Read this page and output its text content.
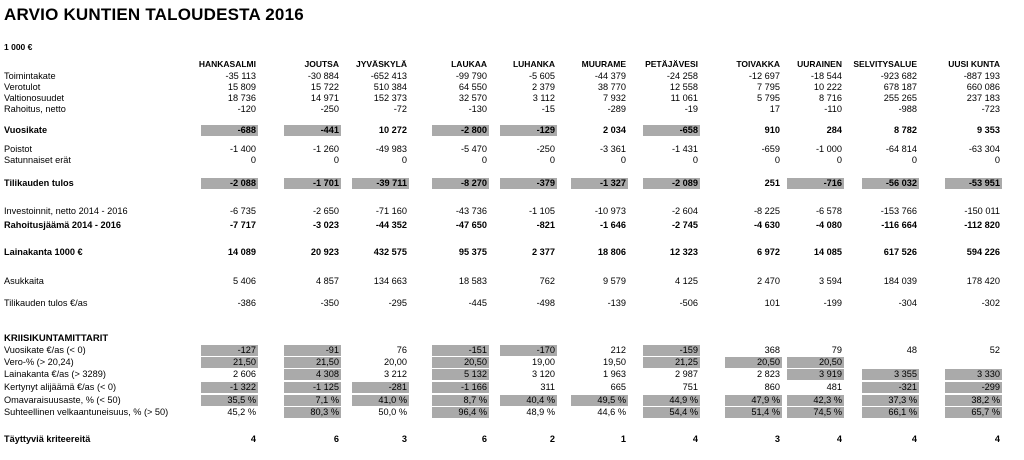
ARVIO KUNTIEN TALOUDESTA 2016
1 000 €
HANKASALMI	JOUTSA	JYVÄSKYLÄ	LAUKAA	LUHANKA	MUURAME	PETÄJÄVESI	TOIVAKKA	UURAINEN	SELVITYSALUE	UUSI KUNTA
Toimintakate	-35 113	-30 884	-652 413	-99 790	-5 605	-44 379	-24 258	-12 697	-18 544	-923 682	-887 193
Verotulot	15 809	15 722	510 384	64 550	2 379	38 770	12 558	7 795	10 222	678 187	660 086
Valtionosuudet	18 736	14 971	152 373	32 570	3 112	7 932	11 061	5 795	8 716	255 265	237 183
Rahoitus, netto	-120	-250	-72	-130	-15	-289	-19	17	-110	-988	-723
Vuosikate	-688	-441	10 272	-2 800	-129	2 034	-658	910	284	8 782	9 353
Poistot	-1 400	-1 260	-49 983	-5 470	-250	-3 361	-1 431	-659	-1 000	-64 814	-63 304
Satunnaiset erät	0	0	0	0	0	0	0	0	0	0	0
Tilikauden tulos	-2 088	-1 701	-39 711	-8 270	-379	-1 327	-2 089	251	-716	-56 032	-53 951
Investoinnit, netto 2014 - 2016	-6 735	-2 650	-71 160	-43 736	-1 105	-10 973	-2 604	-8 225	-6 578	-153 766	-150 011
Rahoitusjäämä 2014 - 2016	-7 717	-3 023	-44 352	-47 650	-821	-1 646	-2 745	-4 630	-4 080	-116 664	-112 820
Lainakanta 1000 €	14 089	20 923	432 575	95 375	2 377	18 806	12 323	6 972	14 085	617 526	594 226
Asukkaita	5 406	4 857	134 663	18 583	762	9 579	4 125	2 470	3 594	184 039	178 420
Tilikauden tulos €/as	-386	-350	-295	-445	-498	-139	-506	101	-199	-304	-302
KRIISIKUNTAMITTARIT
Vuosikate €/as (< 0)	-127	-91	76	-151	-170	212	-159	368	79	48	52
Vero-% (> 20,24)	21,50	21,50	20,00	20,50	19,00	19,50	21,25	20,50	20,50
Lainakanta €/as (> 3289)	2 606	4 308	3 212	5 132	3 120	1 963	2 987	2 823	3 919	3 355	3 330
Kertynyt alijäämä €/as (< 0)	-1 322	-1 125	-281	-1 166	311	665	751	860	481	-321	-299
Omavaraisuusaste, % (< 50)	35,5 %	7,1 %	41,0 %	8,7 %	40,4 %	49,5 %	44,9 %	47,9 %	42,3 %	37,3 %	38,2 %
Suhteellinen velkaantuneisuus, % (> 50)	45,2 %	80,3 %	50,0 %	96,4 %	48,9 %	44,6 %	54,4 %	51,4 %	74,5 %	66,1 %	65,7 %
Täyttyviä kriteereitä	4	6	3	6	2	1	4	3	4	4	4
